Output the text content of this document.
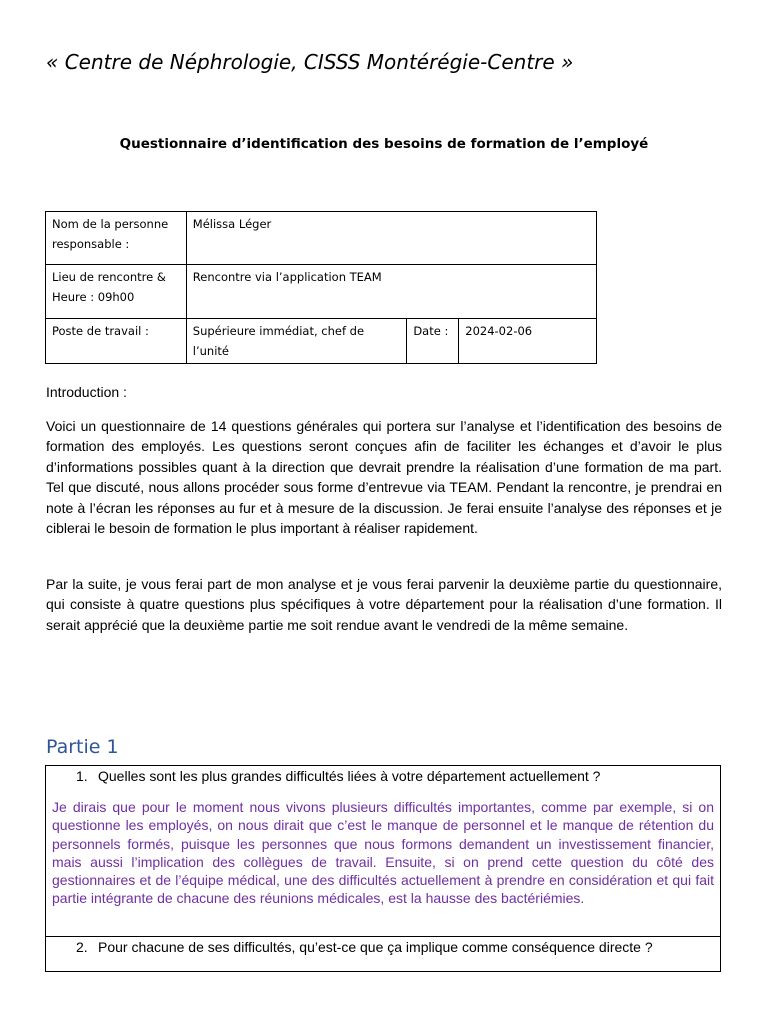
« Centre de Néphrologie, CISSS Montérégie-Centre »
Questionnaire d’identification des besoins de formation de l’employé
Nom de la personne
responsable :	Mélissa Léger		

Lieu de rencontre &
Heure : 09h00	Rencontre via l’application TEAM		
Poste de travail :	Supérieure immédiat, chef de l’unité	Date :	2024-02-06
Introduction :

Voici un questionnaire de 14 questions générales qui portera sur l’analyse et l’identification des besoins de formation des employés. Les questions seront conçues afin de faciliter les échanges et d’avoir le plus d’informations possibles quant à la direction que devrait prendre la réalisation d’une formation de ma part. Tel que discuté, nous allons procéder sous forme d’entrevue via TEAM. Pendant la rencontre, je prendrai en note à l’écran les réponses au fur et à mesure de la discussion. Je ferai ensuite l’analyse des réponses et je ciblerai le besoin de formation le plus important à réaliser rapidement.

Par la suite, je vous ferai part de mon analyse et je vous ferai parvenir la deuxième partie du questionnaire, qui consiste à quatre questions plus spécifiques à votre département pour la réalisation d’une formation. Il serait apprécié que la deuxième partie me soit rendue avant le vendredi de la même semaine.

Partie 1
1. Quelles sont les plus grandes difficultés liées à votre département actuellement ?

Je dirais que pour le moment nous vivons plusieurs difficultés importantes, comme par exemple, si on questionne les employés, on nous dirait que c’est le manque de personnel et le manque de rétention du personnels formés, puisque les personnes que nous formons demandent un investissement financier, mais aussi l’implication des collègues de travail. Ensuite, si on prend cette question du côté des gestionnaires et de l’équipe médical, une des difficultés actuellement à prendre en considération et qui fait partie intégrante de chacune des réunions médicales, est la hausse des bactériémies.

2. Pour chacune de ses difficultés, qu’est-ce que ça implique comme conséquence directe ?
